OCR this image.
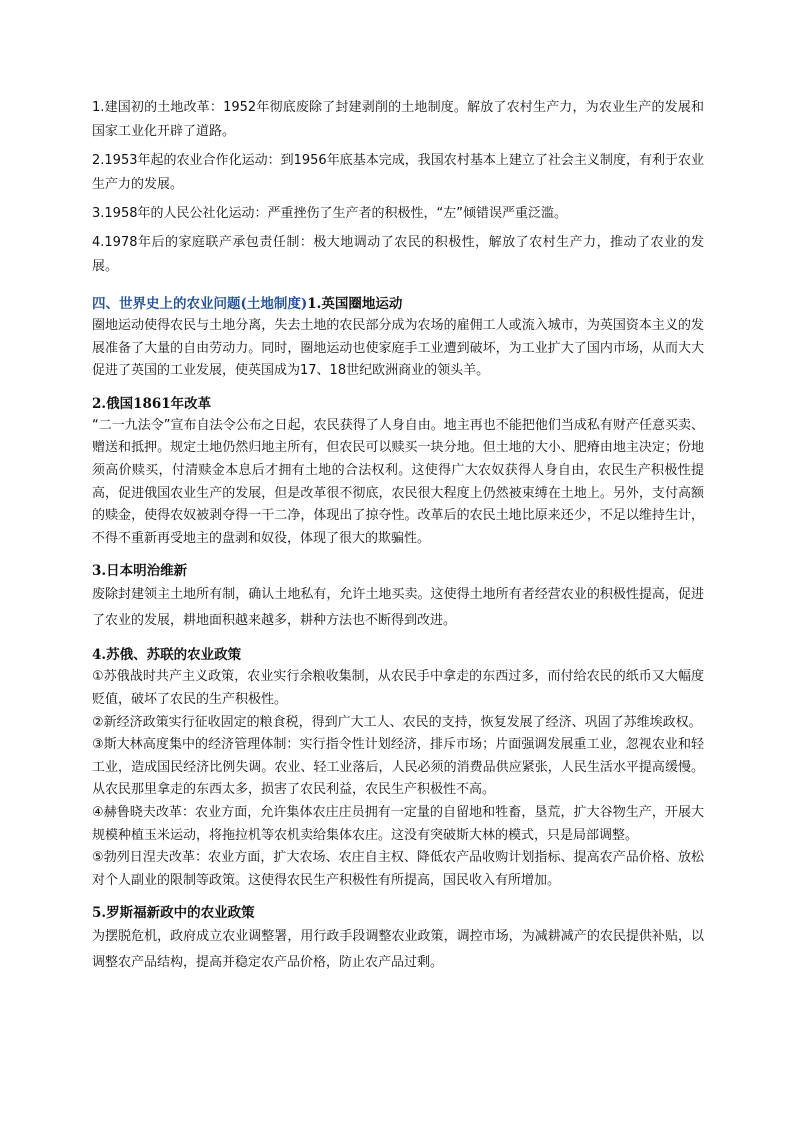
1.建国初的土地改革：1952年彻底废除了封建剥削的土地制度。解放了农村生产力，为农业生产的发展和国家工业化开辟了道路。

2.1953年起的农业合作化运动：到1956年底基本完成，我国农村基本上建立了社会主义制度，有利于农业生产力的发展。

3.1958年的人民公社化运动：严重挫伤了生产者的积极性，“左”倾错误严重泛滥。

4.1978年后的家庭联产承包责任制：极大地调动了农民的积极性，解放了农村生产力，推动了农业的发展。

四、世界史上的农业问题(土地制度)1.英国圈地运动

圈地运动使得农民与土地分离，失去土地的农民部分成为农场的雇佣工人或流入城市，为英国资本主义的发展准备了大量的自由劳动力。同时，圈地运动也使家庭手工业遭到破坏，为工业扩大了国内市场，从而大大促进了英国的工业发展，使英国成为17、18世纪欧洲商业的领头羊。

2.俄国1861年改革

“二一九法令”宣布自法令公布之日起，农民获得了人身自由。地主再也不能把他们当成私有财产任意买卖、赠送和抵押。规定土地仍然归地主所有，但农民可以赎买一块分地。但土地的大小、肥瘠由地主决定；份地须高价赎买，付清赎金本息后才拥有土地的合法权利。这使得广大农奴获得人身自由，农民生产积极性提高，促进俄国农业生产的发展，但是改革很不彻底，农民很大程度上仍然被束缚在土地上。另外，支付高额的赎金，使得农奴被剥夺得一干二净，体现出了掠夺性。改革后的农民土地比原来还少，不足以维持生计，不得不重新再受地主的盘剥和奴役，体现了很大的欺骗性。

3.日本明治维新

废除封建领主土地所有制，确认土地私有，允许土地买卖。这使得土地所有者经营农业的积极性提高，促进了农业的发展，耕地面积越来越多，耕种方法也不断得到改进。

4.苏俄、苏联的农业政策

①苏俄战时共产主义政策，农业实行余粮收集制，从农民手中拿走的东西过多，而付给农民的纸币又大幅度贬值，破坏了农民的生产积极性。

②新经济政策实行征收固定的粮食税，得到广大工人、农民的支持，恢复发展了经济、巩固了苏维埃政权。

③斯大林高度集中的经济管理体制：实行指令性计划经济，排斥市场；片面强调发展重工业，忽视农业和轻工业，造成国民经济比例失调。农业、轻工业落后，人民必须的消费品供应紧张，人民生活水平提高缓慢。从农民那里拿走的东西太多，损害了农民利益，农民生产积极性不高。

④赫鲁晓夫改革：农业方面，允许集体农庄庄员拥有一定量的自留地和牲畜，垦荒，扩大谷物生产，开展大规模种植玉米运动，将拖拉机等农机卖给集体农庄。这没有突破斯大林的模式，只是局部调整。

⑤勃列日涅夫改革：农业方面，扩大农场、农庄自主权、降低农产品收购计划指标、提高农产品价格、放松对个人副业的限制等政策。这使得农民生产积极性有所提高，国民收入有所增加。

5.罗斯福新政中的农业政策

为摆脱危机，政府成立农业调整署，用行政手段调整农业政策，调控市场，为减耕减产的农民提供补贴，以调整农产品结构，提高并稳定农产品价格，防止农产品过剩。
